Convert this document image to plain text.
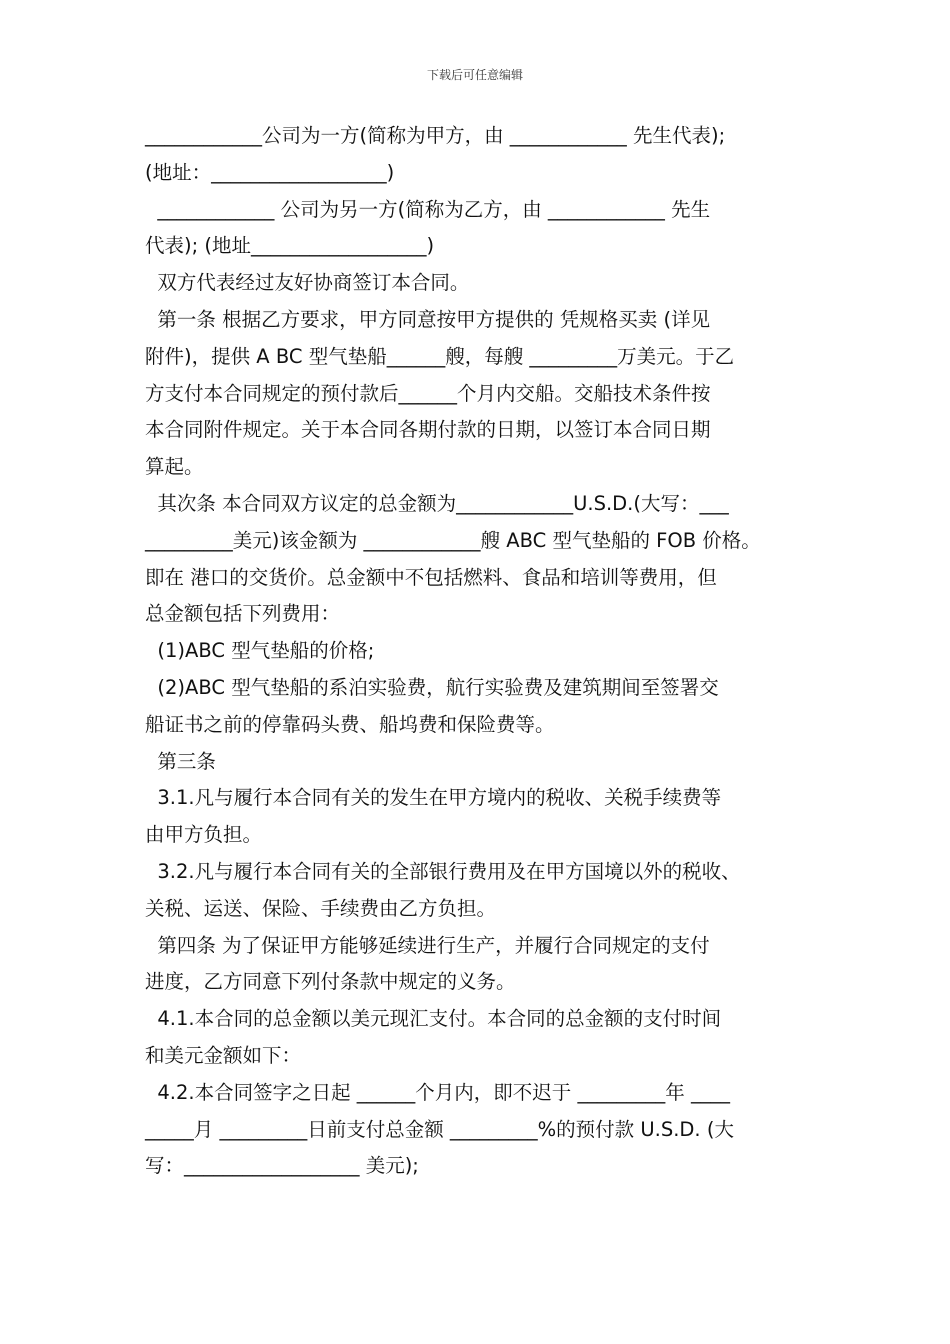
下载后可任意编辑
____________公司为一方(简称为甲方，由 ____________ 先生代表);
(地址：__________________)
____________ 公司为另一方(简称为乙方，由 ____________ 先生
代表); (地址__________________)
双方代表经过友好协商签订本合同。
第一条 根据乙方要求，甲方同意按甲方提供的 凭规格买卖 (详见
附件)，提供 A BC 型气垫船______艘，每艘 _________万美元。于乙
方支付本合同规定的预付款后______个月内交船。交船技术条件按
本合同附件规定。关于本合同各期付款的日期，以签订本合同日期
算起。
其次条 本合同双方议定的总金额为____________U.S.D.(大写：___
_________美元)该金额为 ____________艘 ABC 型气垫船的 FOB 价格。
即在 港口的交货价。总金额中不包括燃料、食品和培训等费用，但
总金额包括下列费用：
(1)ABC 型气垫船的价格;
(2)ABC 型气垫船的系泊实验费，航行实验费及建筑期间至签署交
船证书之前的停靠码头费、船坞费和保险费等。
第三条
3.1.凡与履行本合同有关的发生在甲方境内的税收、关税手续费等
由甲方负担。
3.2.凡与履行本合同有关的全部银行费用及在甲方国境以外的税收、
关税、运送、保险、手续费由乙方负担。
第四条 为了保证甲方能够延续进行生产，并履行合同规定的支付
进度，乙方同意下列付条款中规定的义务。
4.1.本合同的总金额以美元现汇支付。本合同的总金额的支付时间
和美元金额如下：
4.2.本合同签字之日起 ______个月内，即不迟于 _________年 ____
_____月 _________日前支付总金额 _________%的预付款 U.S.D. (大
写：__________________ 美元);
